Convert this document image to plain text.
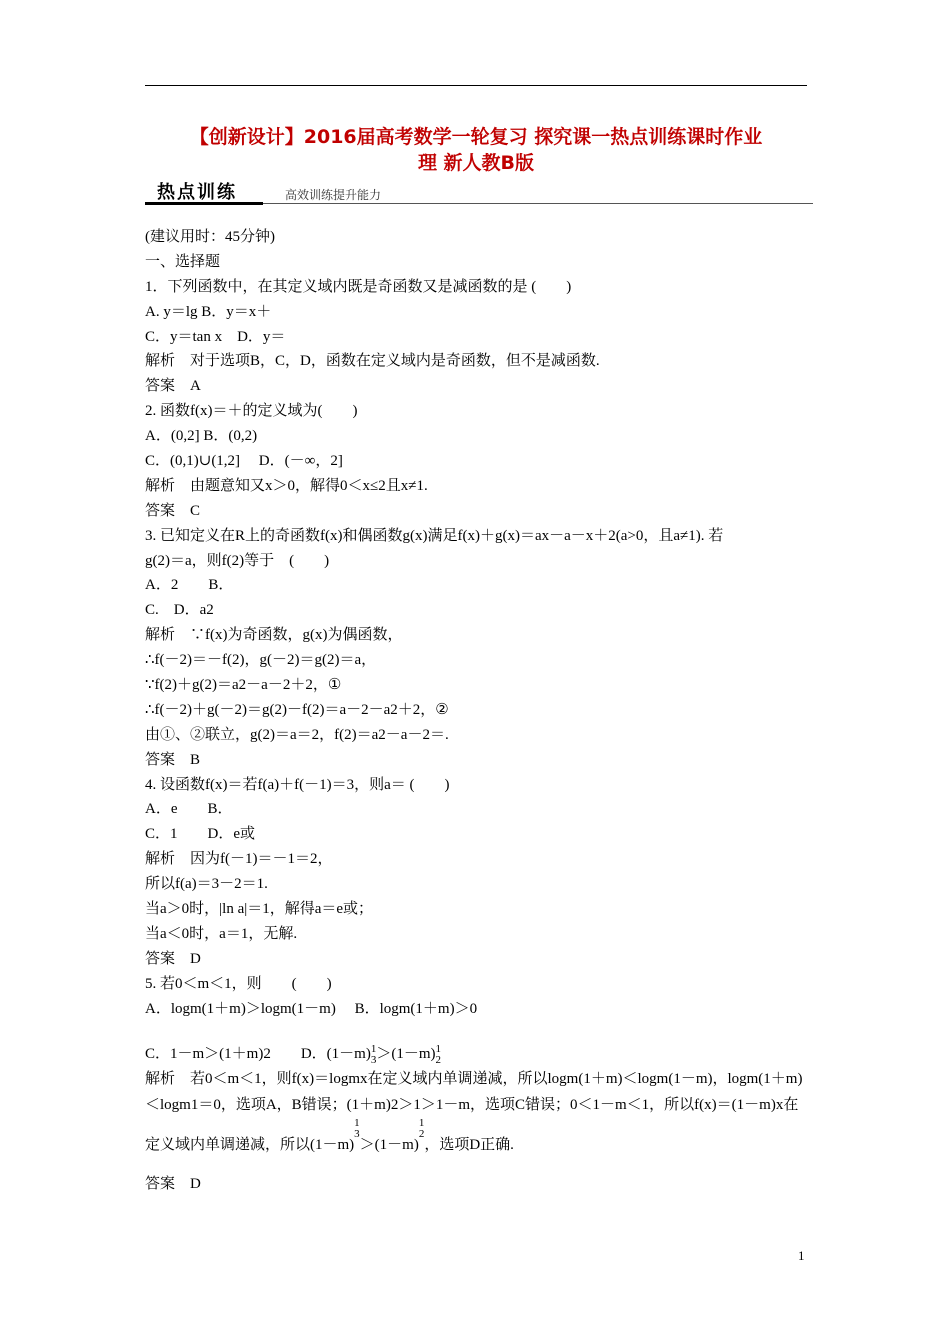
【创新设计】2016届高考数学一轮复习 探究课一热点训练课时作业
理 新人教B版
热点训练	高效训练提升能力
(建议用时：45分钟)
一、选择题
1．下列函数中，在其定义域内既是奇函数又是减函数的是 (　　)
A. y＝lg B．y＝x＋
C．y＝tan x　D．y＝
解析　对于选项B，C，D，函数在定义域内是奇函数，但不是减函数.
答案　A
2. 函数f(x)＝＋的定义域为(　　)
A．(0,2] B．(0,2)
C．(0,1)∪(1,2]　 D．(－∞，2]
解析　由题意知又x＞0，解得0＜x≤2且x≠1.
答案　C
3. 已知定义在R上的奇函数f(x)和偶函数g(x)满足f(x)＋g(x)＝ax－a－x＋2(a>0，且a≠1). 若
g(2)＝a，则f(2)等于　(　　)
A．2　　B．
C.　D．a2
解析　∵f(x)为奇函数，g(x)为偶函数，
∴f(－2)＝－f(2)，g(－2)＝g(2)＝a，
∵f(2)＋g(2)＝a2－a－2＋2，①
∴f(－2)＋g(－2)＝g(2)－f(2)＝a－2－a2＋2，②
由①、②联立，g(2)＝a＝2，f(2)＝a2－a－2＝.
答案　B
4. 设函数f(x)＝若f(a)＋f(－1)＝3，则a＝ (　　)
A．e　　B．
C．1　　D．e或
解析　因为f(－1)＝－1＝2，
所以f(a)＝3－2＝1.
当a＞0时，|ln a|＝1，解得a＝e或；
当a＜0时，a＝1，无解.
答案　D
5. 若0＜m＜1，则　　(　　)
A．logm(1＋m)＞logm(1－m)　 B．logm(1＋m)＞0
C．1－m＞(1＋m)2　　D．(1－m) 1
3 ＞(1－m) 1
2
解析　若0＜m＜1，则f(x)＝logmx在定义域内单调递减，所以logm(1＋m)＜logm(1－m)，logm(1＋m)＜logm1＝0，选项A，B错误；(1＋m)2＞1＞1－m，选项C错误；0＜1－m＜1，所以f(x)＝(1－m)x在定义域内单调递减，所以(1－m)
1
3
＞(1－m)
1
2
，选项D正确.
答案　D
1
